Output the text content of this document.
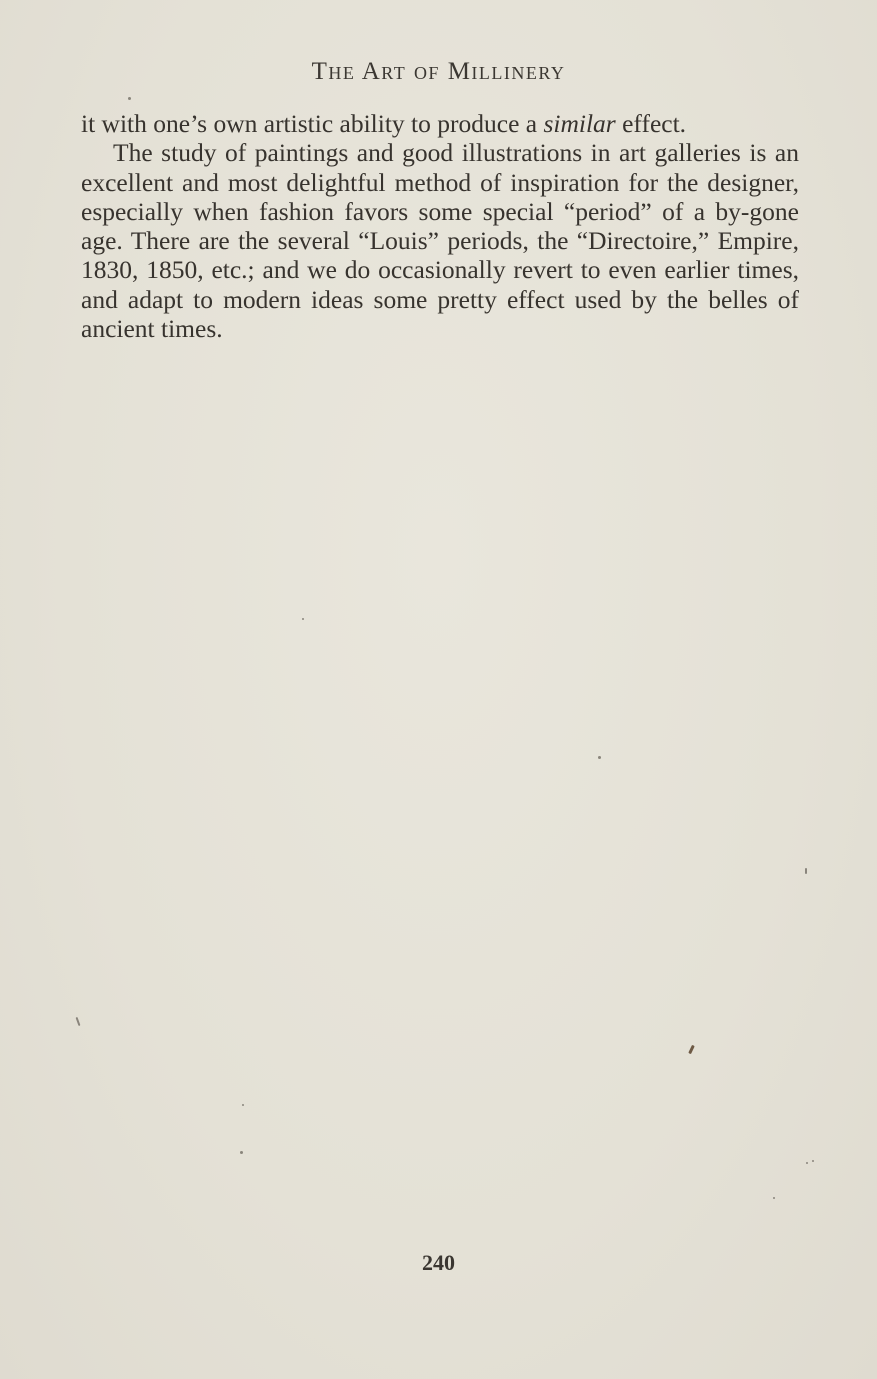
The Art of Millinery

it with one’s own artistic ability to produce a similar effect.

The study of paintings and good illustrations in art galleries is an excellent and most delightful method of inspiration for the designer, especially when fashion favors some special “period” of a by-gone age. There are the several “Louis” periods, the “Directoire,” Empire, 1830, 1850, etc.; and we do occasionally revert to even earlier times, and adapt to modern ideas some pretty effect used by the belles of ancient times.

240
